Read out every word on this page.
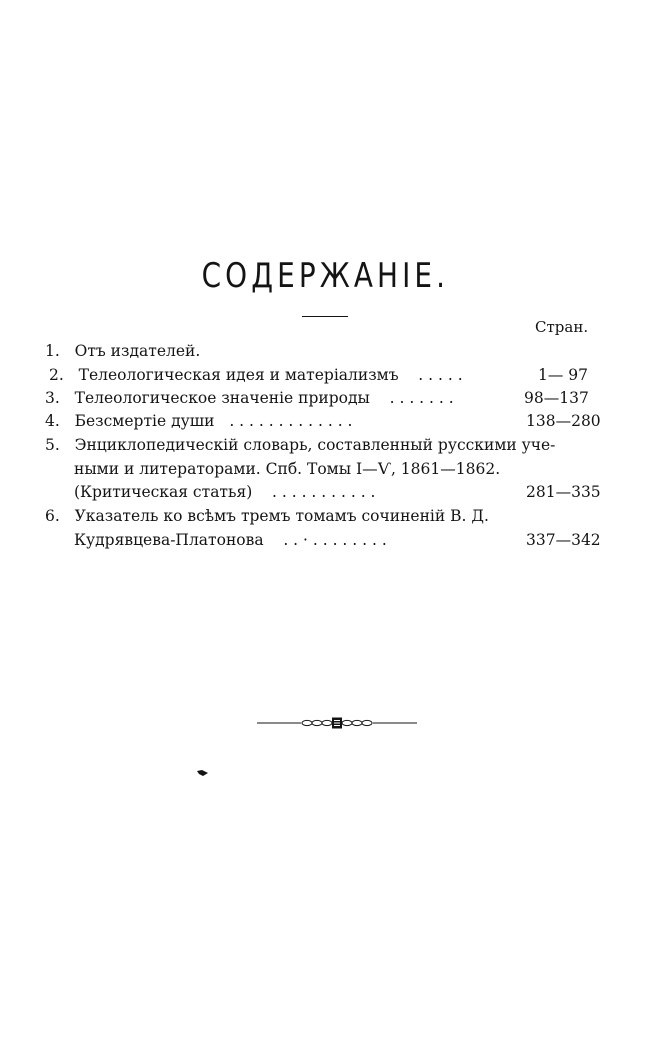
СОДЕРЖАНІЕ.
Стран.
1. Отъ издателей.
2. Телеологическая идея и матеріализмъ . . . . .	1— 97
3. Телеологическое значеніе природы . . . . . . .	98—137
4. Безсмертіе души . . . . . . . . . . . . .	138—280
5. Энциклопедическій словарь, составленный русскими уче-
ными и литераторами. Спб. Томы I—Ѵ, 1861—1862.
(Критическая статья) . . . . . . . . . . .	281—335
6. Указатель ко всѣмъ тремъ томамъ сочиненій В. Д.
Кудрявцева-Платонова . . · . . . . . . . .	337—342
